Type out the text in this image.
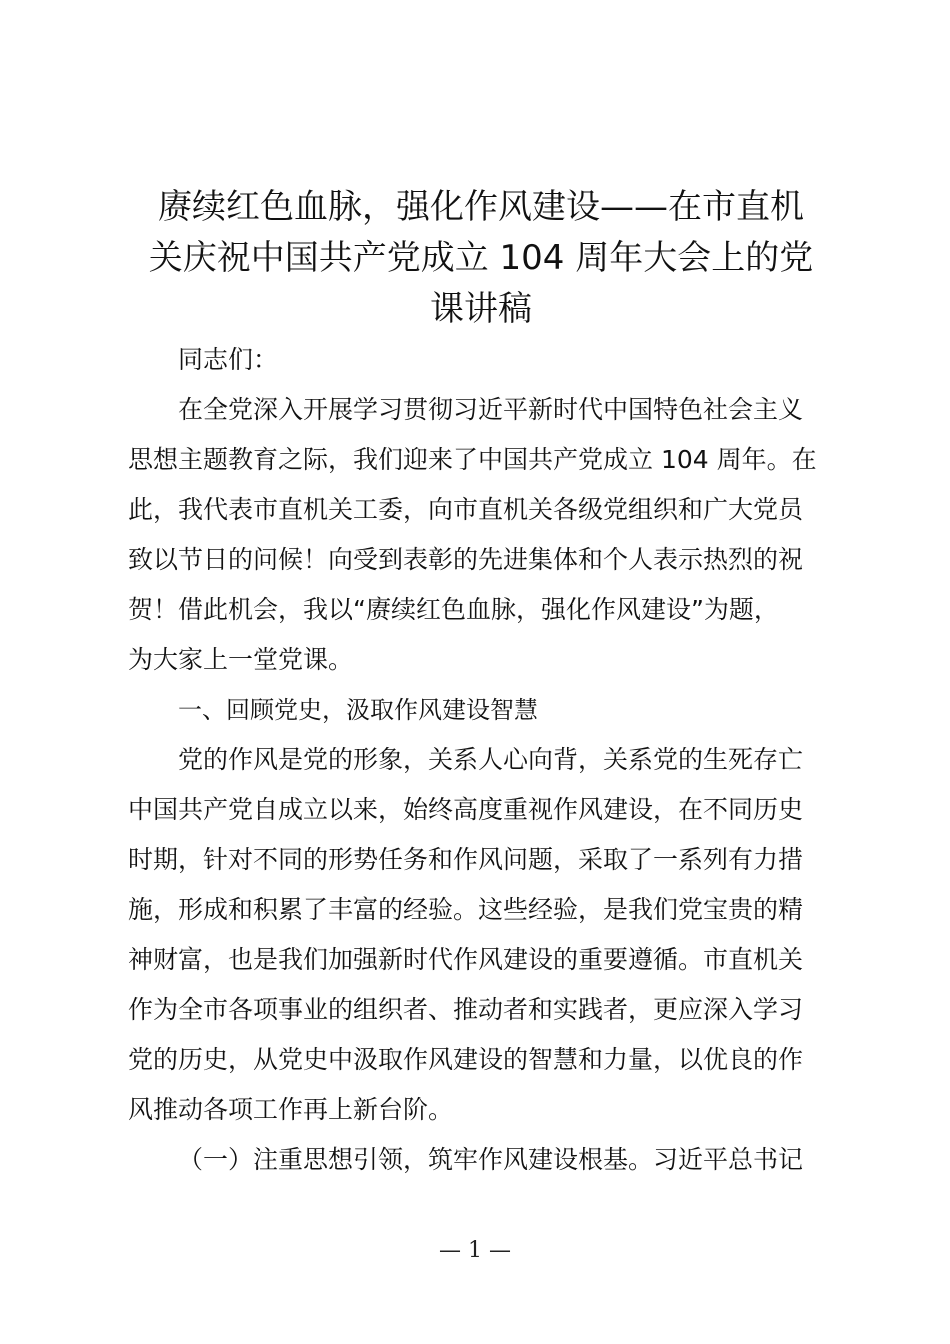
赓续红色血脉，强化作风建设——在市直机
关庆祝中国共产党成立 104 周年大会上的党
课讲稿
同志们：
在全党深入开展学习贯彻习近平新时代中国特色社会主义
思想主题教育之际，我们迎来了中国共产党成立 104 周年。在
此，我代表市直机关工委，向市直机关各级党组织和广大党员
致以节日的问候！向受到表彰的先进集体和个人表示热烈的祝
贺！借此机会，我以“赓续红色血脉，强化作风建设”为题，
为大家上一堂党课。
一、回顾党史，汲取作风建设智慧
党的作风是党的形象，关系人心向背，关系党的生死存亡
中国共产党自成立以来，始终高度重视作风建设，在不同历史
时期，针对不同的形势任务和作风问题，采取了一系列有力措
施，形成和积累了丰富的经验。这些经验，是我们党宝贵的精
神财富，也是我们加强新时代作风建设的重要遵循。市直机关
作为全市各项事业的组织者、推动者和实践者，更应深入学习
党的历史，从党史中汲取作风建设的智慧和力量，以优良的作
风推动各项工作再上新台阶。
（一）注重思想引领，筑牢作风建设根基。习近平总书记
— 1 —
